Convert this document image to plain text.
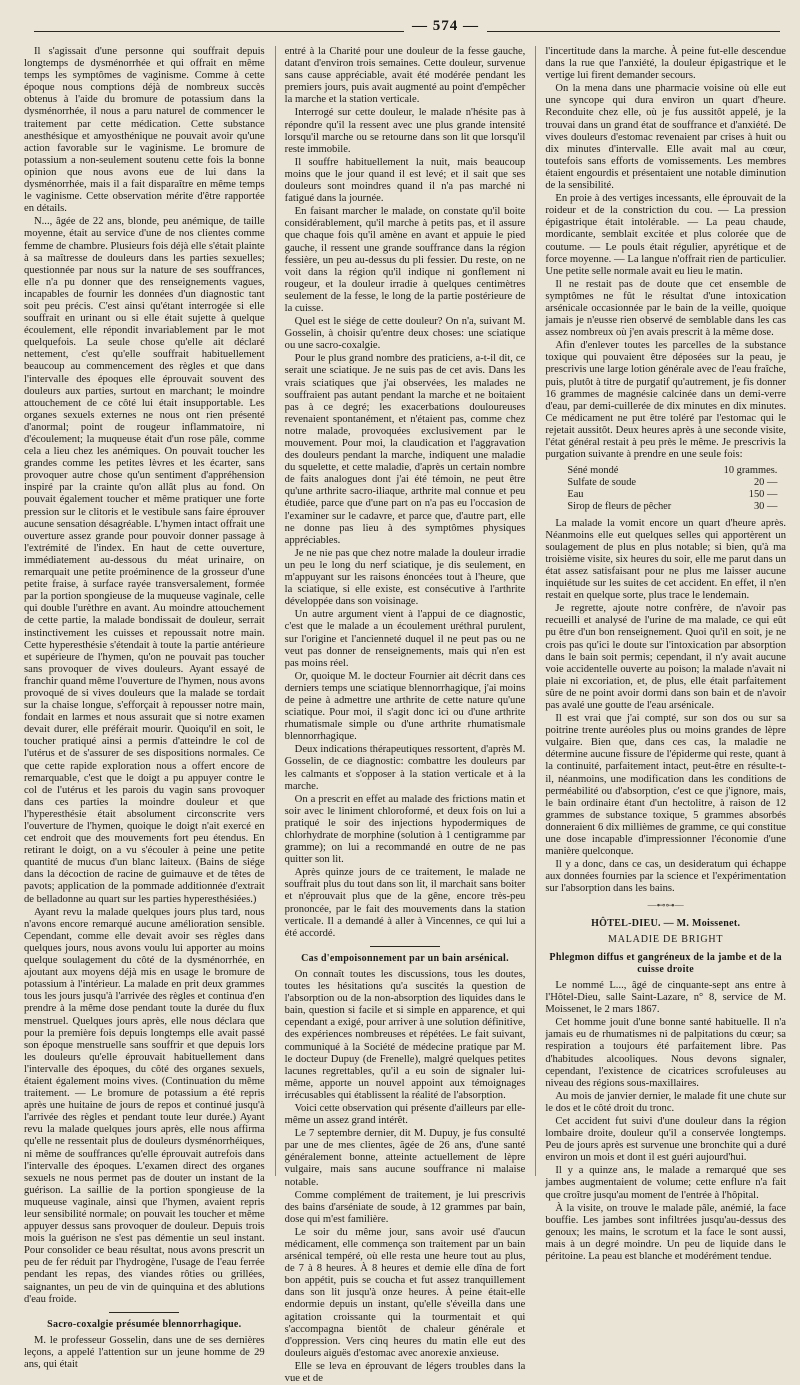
— 574 —

Il s'agissait d'une personne qui souffrait depuis longtemps de dysménorrhée et qui offrait en même temps les symptômes de vaginisme. Comme à cette époque nous comptions déjà de nombreux succès obtenus à l'aide du bromure de potassium dans la dysménorrhée, il nous a paru naturel de commencer le traitement par cette médication. Cette substance anesthésique et amyosthénique ne pouvait avoir qu'une action favorable sur le vaginisme. Le bromure de potassium a non-seulement soutenu cette fois la bonne opinion que nous avons eue de lui dans la dysménorrhée, mais il a fait disparaître en même temps le vaginisme. Cette observation mérite d'être rapportée en détails.

N..., âgée de 22 ans, blonde, peu anémique, de taille moyenne, était au service d'une de nos clientes comme femme de chambre. Plusieurs fois déjà elle s'était plainte à sa maîtresse de douleurs dans les parties sexuelles; questionnée par nous sur la nature de ses souffrances, elle n'a pu donner que des renseignements vagues, incapables de fournir les données d'un diagnostic tant soit peu précis. C'est ainsi qu'étant interrogée si elle souffrait en urinant ou si elle était sujette à quelque écoulement, elle répondit invariablement par le mot quelquefois. La seule chose qu'elle ait déclaré nettement, c'est qu'elle souffrait habituellement beaucoup au commencement des règles et que dans l'intervalle des époques elle éprouvait souvent des douleurs aux parties, surtout en marchant; le moindre attouchement de ce côté lui était insupportable. Les organes sexuels externes ne nous ont rien présenté d'anormal; point de rougeur inflammatoire, ni d'écoulement; la muqueuse était d'un rose pâle, comme cela a lieu chez les anémiques. On pouvait toucher les grandes comme les petites lèvres et les écarter, sans provoquer autre chose qu'un sentiment d'appréhension inspiré par la crainte qu'on allât plus au fond. On pouvait également toucher et même pratiquer une forte pression sur le clitoris et le vestibule sans faire éprouver aucune sensation désagréable. L'hymen intact offrait une ouverture assez grande pour pouvoir donner passage à l'extrémité de l'index. En haut de cette ouverture, immédiatement au-dessous du méat urinaire, on remarquait une petite proéminence de la grosseur d'une petite fraise, à surface rayée transversalement, formée par la portion spongieuse de la muqueuse vaginale, celle qui double l'urèthre en avant. Au moindre attouchement de cette partie, la malade bondissait de douleur, serrait instinctivement les cuisses et repoussait notre main. Cette hyperesthésie s'étendait à toute la partie antérieure et supérieure de l'hymen, qu'on ne pouvait pas toucher sans provoquer de vives douleurs. Ayant essayé de franchir quand même l'ouverture de l'hymen, nous avons provoqué de si vives douleurs que la malade se tordait sur la chaise longue, s'efforçait à repousser notre main, fondait en larmes et nous assurait que si notre examen devait durer, elle préférait mourir. Quoiqu'il en soit, le toucher pratiqué ainsi a permis d'atteindre le col de l'utérus et de s'assurer de ses dispositions normales. Ce que cette rapide exploration nous a offert encore de remarquable, c'est que le doigt a pu appuyer contre le col de l'utérus et les parois du vagin sans provoquer dans ces parties la moindre douleur et que l'hyperesthésie était absolument circonscrite vers l'ouverture de l'hymen, quoique le doigt n'ait exercé en cet endroit que des mouvements fort peu étendus. En retirant le doigt, on a vu s'écouler à peine une petite quantité de mucus d'un blanc laiteux. (Bains de siége dans la décoction de racine de guimauve et de têtes de pavots; application de la pommade additionnée d'extrait de belladonne au quart sur les parties hyperesthésiées.)

Ayant revu la malade quelques jours plus tard, nous n'avons encore remarqué aucune amélioration sensible. Cependant, comme elle devait avoir ses règles dans quelques jours, nous avons voulu lui apporter au moins quelque soulagement du côté de la dysménorrhée, en ajoutant aux moyens déjà mis en usage le bromure de potassium à l'intérieur. La malade en prit deux grammes tous les jours jusqu'à l'arrivée des règles et continua d'en prendre à la même dose pendant toute la durée du flux menstruel. Quelques jours après, elle nous déclara que pour la première fois depuis longtemps elle avait passé son époque menstruelle sans souffrir et que depuis lors les douleurs qu'elle éprouvait habituellement dans l'intervalle des époques, du côté des organes sexuels, étaient également moins vives. (Continuation du même traitement. — Le bromure de potassium a été repris après une huitaine de jours de repos et continué jusqu'à l'arrivée des règles et pendant toute leur durée.) Ayant revu la malade quelques jours après, elle nous affirma qu'elle ne ressentait plus de douleurs dysménorrhéiques, ni même de souffrances qu'elle éprouvait autrefois dans l'intervalle des époques. L'examen direct des organes sexuels ne nous permet pas de douter un instant de la guérison. La saillie de la portion spongieuse de la muqueuse vaginale, ainsi que l'hymen, avaient repris leur sensibilité normale; on pouvait les toucher et même appuyer dessus sans provoquer de douleur. Depuis trois mois la guérison ne s'est pas démentie un seul instant. Pour consolider ce beau résultat, nous avons prescrit un peu de fer réduit par l'hydrogène, l'usage de l'eau ferrée pendant les repas, des viandes rôties ou grillées, saignantes, un peu de vin de quinquina et des ablutions d'eau froide.

Sacro-coxalgie présumée blennorrhagique.

M. le professeur Gosselin, dans une de ses dernières leçons, a appelé l'attention sur un jeune homme de 29 ans, qui était

entré à la Charité pour une douleur de la fesse gauche, datant d'environ trois semaines. Cette douleur, survenue sans cause appréciable, avait été modérée pendant les premiers jours, puis avait augmenté au point d'empêcher la marche et la station verticale.

Interrogé sur cette douleur, le malade n'hésite pas à répondre qu'il la ressent avec une plus grande intensité lorsqu'il marche ou se retourne dans son lit que lorsqu'il reste immobile.

Il souffre habituellement la nuit, mais beaucoup moins que le jour quand il est levé; et il sait que ses douleurs sont moindres quand il n'a pas marché ni fatigué dans la journée.

En faisant marcher le malade, on constate qu'il boite considérablement, qu'il marche à petits pas, et il assure que chaque fois qu'il amène en avant et appuie le pied gauche, il ressent une grande souffrance dans la région fessière, un peu au-dessus du pli fessier. Du reste, on ne voit dans la région qu'il indique ni gonflement ni rougeur, et la douleur irradie à quelques centimètres seulement de la fesse, le long de la partie postérieure de la cuisse.

Quel est le siége de cette douleur? On n'a, suivant M. Gosselin, à choisir qu'entre deux choses: une sciatique ou une sacro-coxalgie.

Pour le plus grand nombre des praticiens, a-t-il dit, ce serait une sciatique. Je ne suis pas de cet avis. Dans les vrais sciatiques que j'ai observées, les malades ne souffraient pas autant pendant la marche et ne boitaient pas à ce degré; les exacerbations douloureuses revenaient spontanément, et n'étaient pas, comme chez notre malade, provoquées exclusivement par le mouvement. Pour moi, la claudication et l'aggravation des douleurs pendant la marche, indiquent une maladie du squelette, et cette maladie, d'après un certain nombre de faits analogues dont j'ai été témoin, ne peut être qu'une arthrite sacro-iliaque, arthrite mal connue et peu étudiée, parce que d'une part on n'a pas eu l'occasion de l'examiner sur le cadavre, et parce que, d'autre part, elle ne donne pas lieu à des symptômes physiques appréciables.

Je ne nie pas que chez notre malade la douleur irradie un peu le long du nerf sciatique, je dis seulement, en m'appuyant sur les raisons énoncées tout à l'heure, que la sciatique, si elle existe, est consécutive à l'arthrite développée dans son voisinage.

Un autre argument vient à l'appui de ce diagnostic, c'est que le malade a un écoulement uréthral purulent, sur l'origine et l'ancienneté duquel il ne peut pas ou ne veut pas donner de renseignements, mais qui n'en est pas moins réel.

Or, quoique M. le docteur Fournier ait décrit dans ces derniers temps une sciatique blennorrhagique, j'ai moins de peine à admettre une arthrite de cette nature qu'une sciatique. Pour moi, il s'agit donc ici ou d'une arthrite rhumatismale simple ou d'une arthrite rhumatismale blennorrhagique.

Deux indications thérapeutiques ressortent, d'après M. Gosselin, de ce diagnostic: combattre les douleurs par les calmants et s'opposer à la station verticale et à la marche.

On a prescrit en effet au malade des frictions matin et soir avec le liniment chloroformé, et deux fois on lui a pratiqué le soir des injections hypodermiques de chlorhydrate de morphine (solution à 1 centigramme par gramme); on lui a recommandé en outre de ne pas quitter son lit.

Après quinze jours de ce traitement, le malade ne souffrait plus du tout dans son lit, il marchait sans boiter et n'éprouvait plus que de la gêne, encore très-peu prononcée, par le fait des mouvements dans la station verticale. Il a demandé à aller à Vincennes, ce qui lui a été accordé.

Cas d'empoisonnement par un bain arsénical.

On connaît toutes les discussions, tous les doutes, toutes les hésitations qu'a suscités la question de l'absorption ou de la non-absorption des liquides dans le bain, question si facile et si simple en apparence, et qui cependant a exigé, pour arriver à une solution définitive, des expériences nombreuses et répétées. Le fait suivant, communiqué à la Société de médecine pratique par M. le docteur Dupuy (de Frenelle), malgré quelques petites lacunes regrettables, qu'il a eu soin de signaler lui-même, apporte un nouvel appoint aux témoignages irrécusables qui établissent la réalité de l'absorption.

Voici cette observation qui présente d'ailleurs par elle-même un assez grand intérêt.

Le 7 septembre dernier, dit M. Dupuy, je fus consulté par une de mes clientes, âgée de 26 ans, d'une santé généralement bonne, atteinte actuellement de lèpre vulgaire, mais sans aucune souffrance ni malaise notable.

Comme complément de traitement, je lui prescrivis des bains d'arséniate de soude, à 12 grammes par bain, dose qui m'est familière.

Le soir du même jour, sans avoir usé d'aucun médicament, elle commença son traitement par un bain arsénical tempéré, où elle resta une heure tout au plus, de 7 à 8 heures. À 8 heures et demie elle dîna de fort bon appétit, puis se coucha et fut assez tranquillement dans son lit jusqu'à onze heures. À peine était-elle endormie depuis un instant, qu'elle s'éveilla dans une agitation croissante qui la tourmentait et qui s'accompagna bientôt de chaleur générale et d'oppression. Vers cinq heures du matin elle eut des douleurs aiguës d'estomac avec anorexie anxieuse.

Elle se leva en éprouvant de légers troubles dans la vue et de

l'incertitude dans la marche. À peine fut-elle descendue dans la rue que l'anxiété, la douleur épigastrique et le vertige lui firent demander secours.

On la mena dans une pharmacie voisine où elle eut une syncope qui dura environ un quart d'heure. Reconduite chez elle, où je fus aussitôt appelé, je la trouvai dans un grand état de souffrance et d'anxiété. De vives douleurs d'estomac revenaient par crises à huit ou dix minutes d'intervalle. Elle avait mal au cœur, toutefois sans efforts de vomissements. Les membres étaient engourdis et présentaient une notable diminution de la sensibilité.

En proie à des vertiges incessants, elle éprouvait de la roideur et de la constriction du cou. — La pression épigastrique était intolérable. — La peau chaude, mordicante, semblait excitée et plus colorée que de coutume. — Le pouls était régulier, apyrétique et de force moyenne. — La langue n'offrait rien de particulier. Une petite selle normale avait eu lieu le matin.

Il ne restait pas de doute que cet ensemble de symptômes ne fût le résultat d'une intoxication arsénicale occasionnée par le bain de la veille, quoique jamais je n'eusse rien observé de semblable dans les cas assez nombreux où j'en avais prescrit à la même dose.

Afin d'enlever toutes les parcelles de la substance toxique qui pouvaient être déposées sur la peau, je prescrivis une large lotion générale avec de l'eau fraîche, puis, plutôt à titre de purgatif qu'autrement, je fis donner 16 grammes de magnésie calcinée dans un demi-verre d'eau, par demi-cuillerée de dix minutes en dix minutes. Ce médicament ne put être toléré par l'estomac qui le rejetait aussitôt. Deux heures après à une seconde visite, l'état général restait à peu près le même. Je prescrivis la purgation suivante à prendre en une seule fois:

Séné mondé	10 grammes.
Sulfate de soude	20 —
Eau	150 —
Sirop de fleurs de pêcher	30 —

La malade la vomit encore un quart d'heure après. Néanmoins elle eut quelques selles qui apportèrent un soulagement de plus en plus notable; si bien, qu'à ma troisième visite, six heures du soir, elle me parut dans un état assez satisfaisant pour ne plus me laisser aucune inquiétude sur les suites de cet accident. En effet, il n'en restait en quelque sorte, plus trace le lendemain.

Je regrette, ajoute notre confrère, de n'avoir pas recueilli et analysé de l'urine de ma malade, ce qui eût pu être d'un bon renseignement. Quoi qu'il en soit, je ne crois pas qu'ici le doute sur l'intoxication par absorption dans le bain soit permis; cependant, il n'y avait aucune voie accidentelle ouverte au poison; la malade n'avait ni plaie ni excoriation, et, de plus, elle était parfaitement sûre de ne point avoir dormi dans son bain et de n'avoir pas avalé une goutte de l'eau arsénicale.

Il est vrai que j'ai compté, sur son dos ou sur sa poitrine trente auréoles plus ou moins grandes de lèpre vulgaire. Bien que, dans ces cas, la maladie ne détermine aucune fissure de l'épiderme qui reste, quant à la continuité, parfaitement intact, peut-être en résulte-t-il, néanmoins, une modification dans les conditions de perméabilité ou d'absorption, c'est ce que j'ignore, mais, le bain ordinaire étant d'un hectolitre, à raison de 12 grammes de substance toxique, 5 grammes absorbés donneraient 6 dix millièmes de gramme, ce qui constitue une dose incapable d'impressionner l'économie d'une manière quelconque.

Il y a donc, dans ce cas, un desideratum qui échappe aux données fournies par la science et l'expérimentation sur l'absorption dans les bains.

—⊷⊶—
HÔTEL-DIEU. — M. Moissenet.
MALADIE DE BRIGHT
Phlegmon diffus et gangréneux de la jambe et de la cuisse droite

Le nommé L..., âgé de cinquante-sept ans entre à l'Hôtel-Dieu, salle Saint-Lazare, n° 8, service de M. Moissenet, le 2 mars 1867.

Cet homme jouit d'une bonne santé habituelle. Il n'a jamais eu de rhumatismes ni de palpitations du cœur; sa respiration a toujours été parfaitement libre. Pas d'habitudes alcooliques. Nous devons signaler, cependant, l'existence de cicatrices scrofuleuses au niveau des régions sous-maxillaires.

Au mois de janvier dernier, le malade fit une chute sur le dos et le côté droit du tronc.

Cet accident fut suivi d'une douleur dans la région lombaire droite, douleur qu'il a conservée longtemps. Peu de jours après est survenue une bronchite qui a duré environ un mois et dont il est guéri aujourd'hui.

Il y a quinze ans, le malade a remarqué que ses jambes augmentaient de volume; cette enflure n'a fait que croître jusqu'au moment de l'entrée à l'hôpital.

À la visite, on trouve le malade pâle, anémié, la face bouffie. Les jambes sont infiltrées jusqu'au-dessus des genoux; les mains, le scrotum et la face le sont aussi, mais à un degré moindre. Un peu de liquide dans le péritoine. La peau est blanche et modérément tendue.
